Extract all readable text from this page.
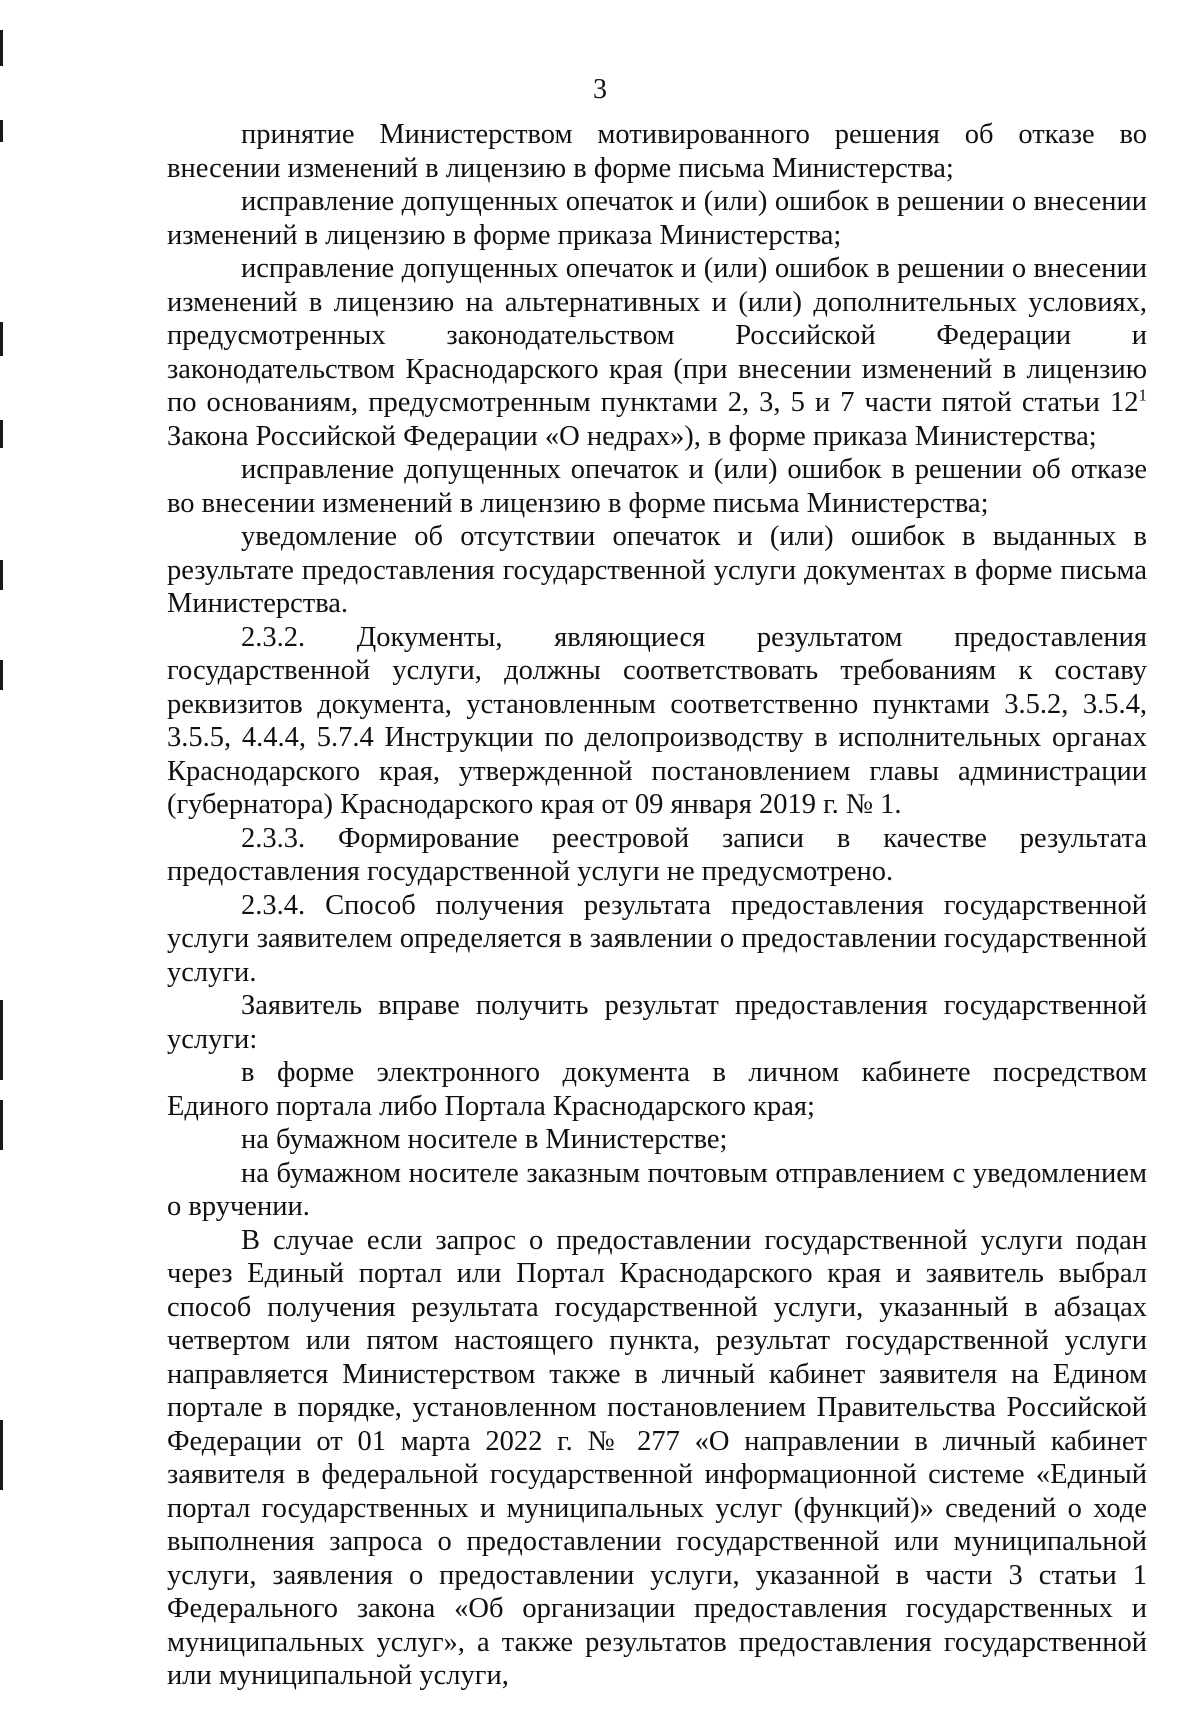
3

принятие Министерством мотивированного решения об отказе во внесении изменений в лицензию в форме письма Министерства;

исправление допущенных опечаток и (или) ошибок в решении о внесении изменений в лицензию в форме приказа Министерства;

исправление допущенных опечаток и (или) ошибок в решении о внесении изменений в лицензию на альтернативных и (или) дополнительных условиях, предусмотренных законодательством Российской Федерации и законодательством Краснодарского края (при внесении изменений в лицензию по основаниям, предусмотренным пунктами 2, 3, 5 и 7 части пятой статьи $12^1$ Закона Российской Федерации «О недрах»), в форме приказа Министерства;

исправление допущенных опечаток и (или) ошибок в решении об отказе во внесении изменений в лицензию в форме письма Министерства;

уведомление об отсутствии опечаток и (или) ошибок в выданных в результате предоставления государственной услуги документах в форме письма Министерства.

2.3.2. Документы, являющиеся результатом предоставления государственной услуги, должны соответствовать требованиям к составу реквизитов документа, установленным соответственно пунктами 3.5.2, 3.5.4, 3.5.5, 4.4.4, 5.7.4 Инструкции по делопроизводству в исполнительных органах Краснодарского края, утвержденной постановлением главы администрации (губернатора) Краснодарского края от 09 января 2019 г. № 1.

2.3.3. Формирование реестровой записи в качестве результата предоставления государственной услуги не предусмотрено.

2.3.4. Способ получения результата предоставления государственной услуги заявителем определяется в заявлении о предоставлении государственной услуги.

Заявитель вправе получить результат предоставления государственной услуги:

в форме электронного документа в личном кабинете посредством Единого портала либо Портала Краснодарского края;

на бумажном носителе в Министерстве;

на бумажном носителе заказным почтовым отправлением с уведомлением о вручении.

В случае если запрос о предоставлении государственной услуги подан через Единый портал или Портал Краснодарского края и заявитель выбрал способ получения результата государственной услуги, указанный в абзацах четвертом или пятом настоящего пункта, результат государственной услуги направляется Министерством также в личный кабинет заявителя на Едином портале в порядке, установленном постановлением Правительства Российской Федерации от 01 марта 2022 г. № 277 «О направлении в личный кабинет заявителя в федеральной государственной информационной системе «Единый портал государственных и муниципальных услуг (функций)» сведений о ходе выполнения запроса о предоставлении государственной или муниципальной услуги, заявления о предоставлении услуги, указанной в части 3 статьи 1 Федерального закона «Об организации предоставления государственных и муниципальных услуг», а также результатов предоставления государственной или муниципальной услуги,
